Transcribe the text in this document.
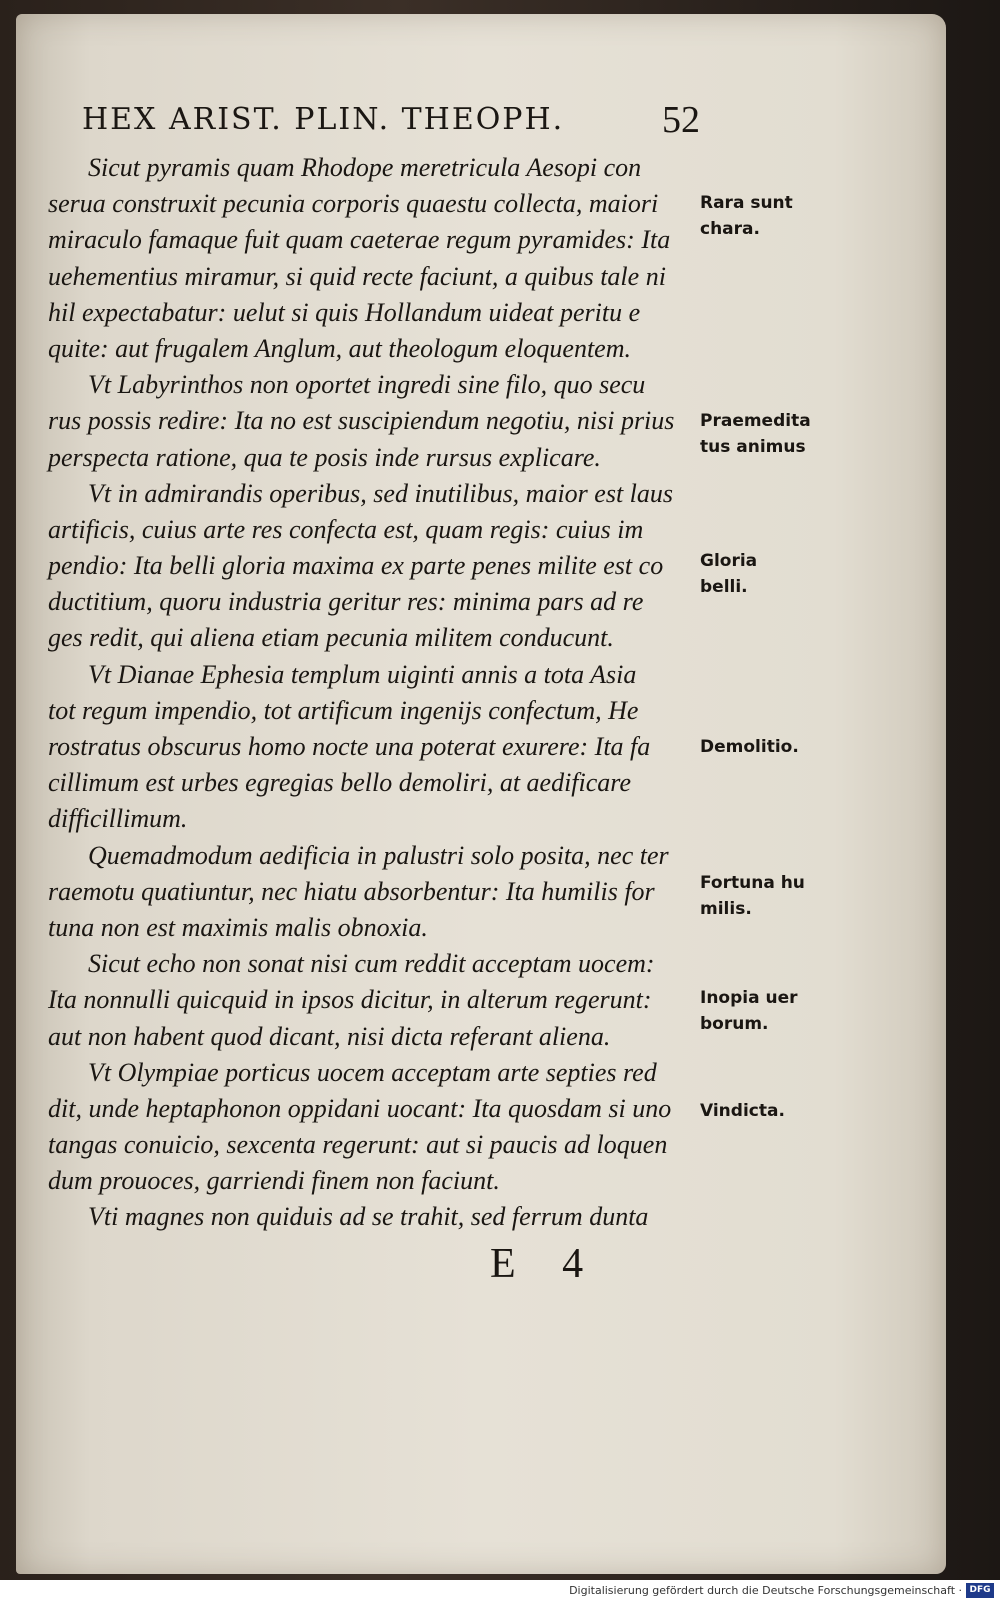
HEX ARIST. PLIN. THEOPH.	52
Sicut pyramis quam Rhodope meretricula Aesopi con
serua construxit pecunia corporis quaestu collecta, maiori
miraculo famaque fuit quam caeterae regum pyramides: Ita
uehementius miramur, si quid recte faciunt, a quibus tale ni
hil expectabatur: uelut si quis Hollandum uideat peritu e
quite: aut frugalem Anglum, aut theologum eloquentem.
Vt Labyrinthos non oportet ingredi sine filo, quo secu
rus possis redire: Ita no est suscipiendum negotiu, nisi prius
perspecta ratione, qua te posis inde rursus explicare.
Vt in admirandis operibus, sed inutilibus, maior est laus
artificis, cuius arte res confecta est, quam regis: cuius im
pendio: Ita belli gloria maxima ex parte penes milite est co
ductitium, quoru industria geritur res: minima pars ad re
ges redit, qui aliena etiam pecunia militem conducunt.
Vt Dianae Ephesia templum uiginti annis a tota Asia
tot regum impendio, tot artificum ingenijs confectum, He
rostratus obscurus homo nocte una poterat exurere: Ita fa
cillimum est urbes egregias bello demoliri, at aedificare
difficillimum.
Quemadmodum aedificia in palustri solo posita, nec ter
raemotu quatiuntur, nec hiatu absorbentur: Ita humilis for
tuna non est maximis malis obnoxia.
Sicut echo non sonat nisi cum reddit acceptam uocem:
Ita nonnulli quicquid in ipsos dicitur, in alterum regerunt:
aut non habent quod dicant, nisi dicta referant aliena.
Vt Olympiae porticus uocem acceptam arte septies red
dit, unde heptaphonon oppidani uocant: Ita quosdam si uno
tangas conuicio, sexcenta regerunt: aut si paucis ad loquen
dum prouoces, garriendi finem non faciunt.
Vti magnes non quiduis ad se trahit, sed ferrum dunta
Rara sunt
chara.
Praemedita
tus animus
Gloria
belli.
Demolitio.
Fortuna hu
milis.
Inopia uer
borum.
Vindicta.
E 4
Digitalisierung gefördert durch die Deutsche Forschungsgemeinschaft · DFG
